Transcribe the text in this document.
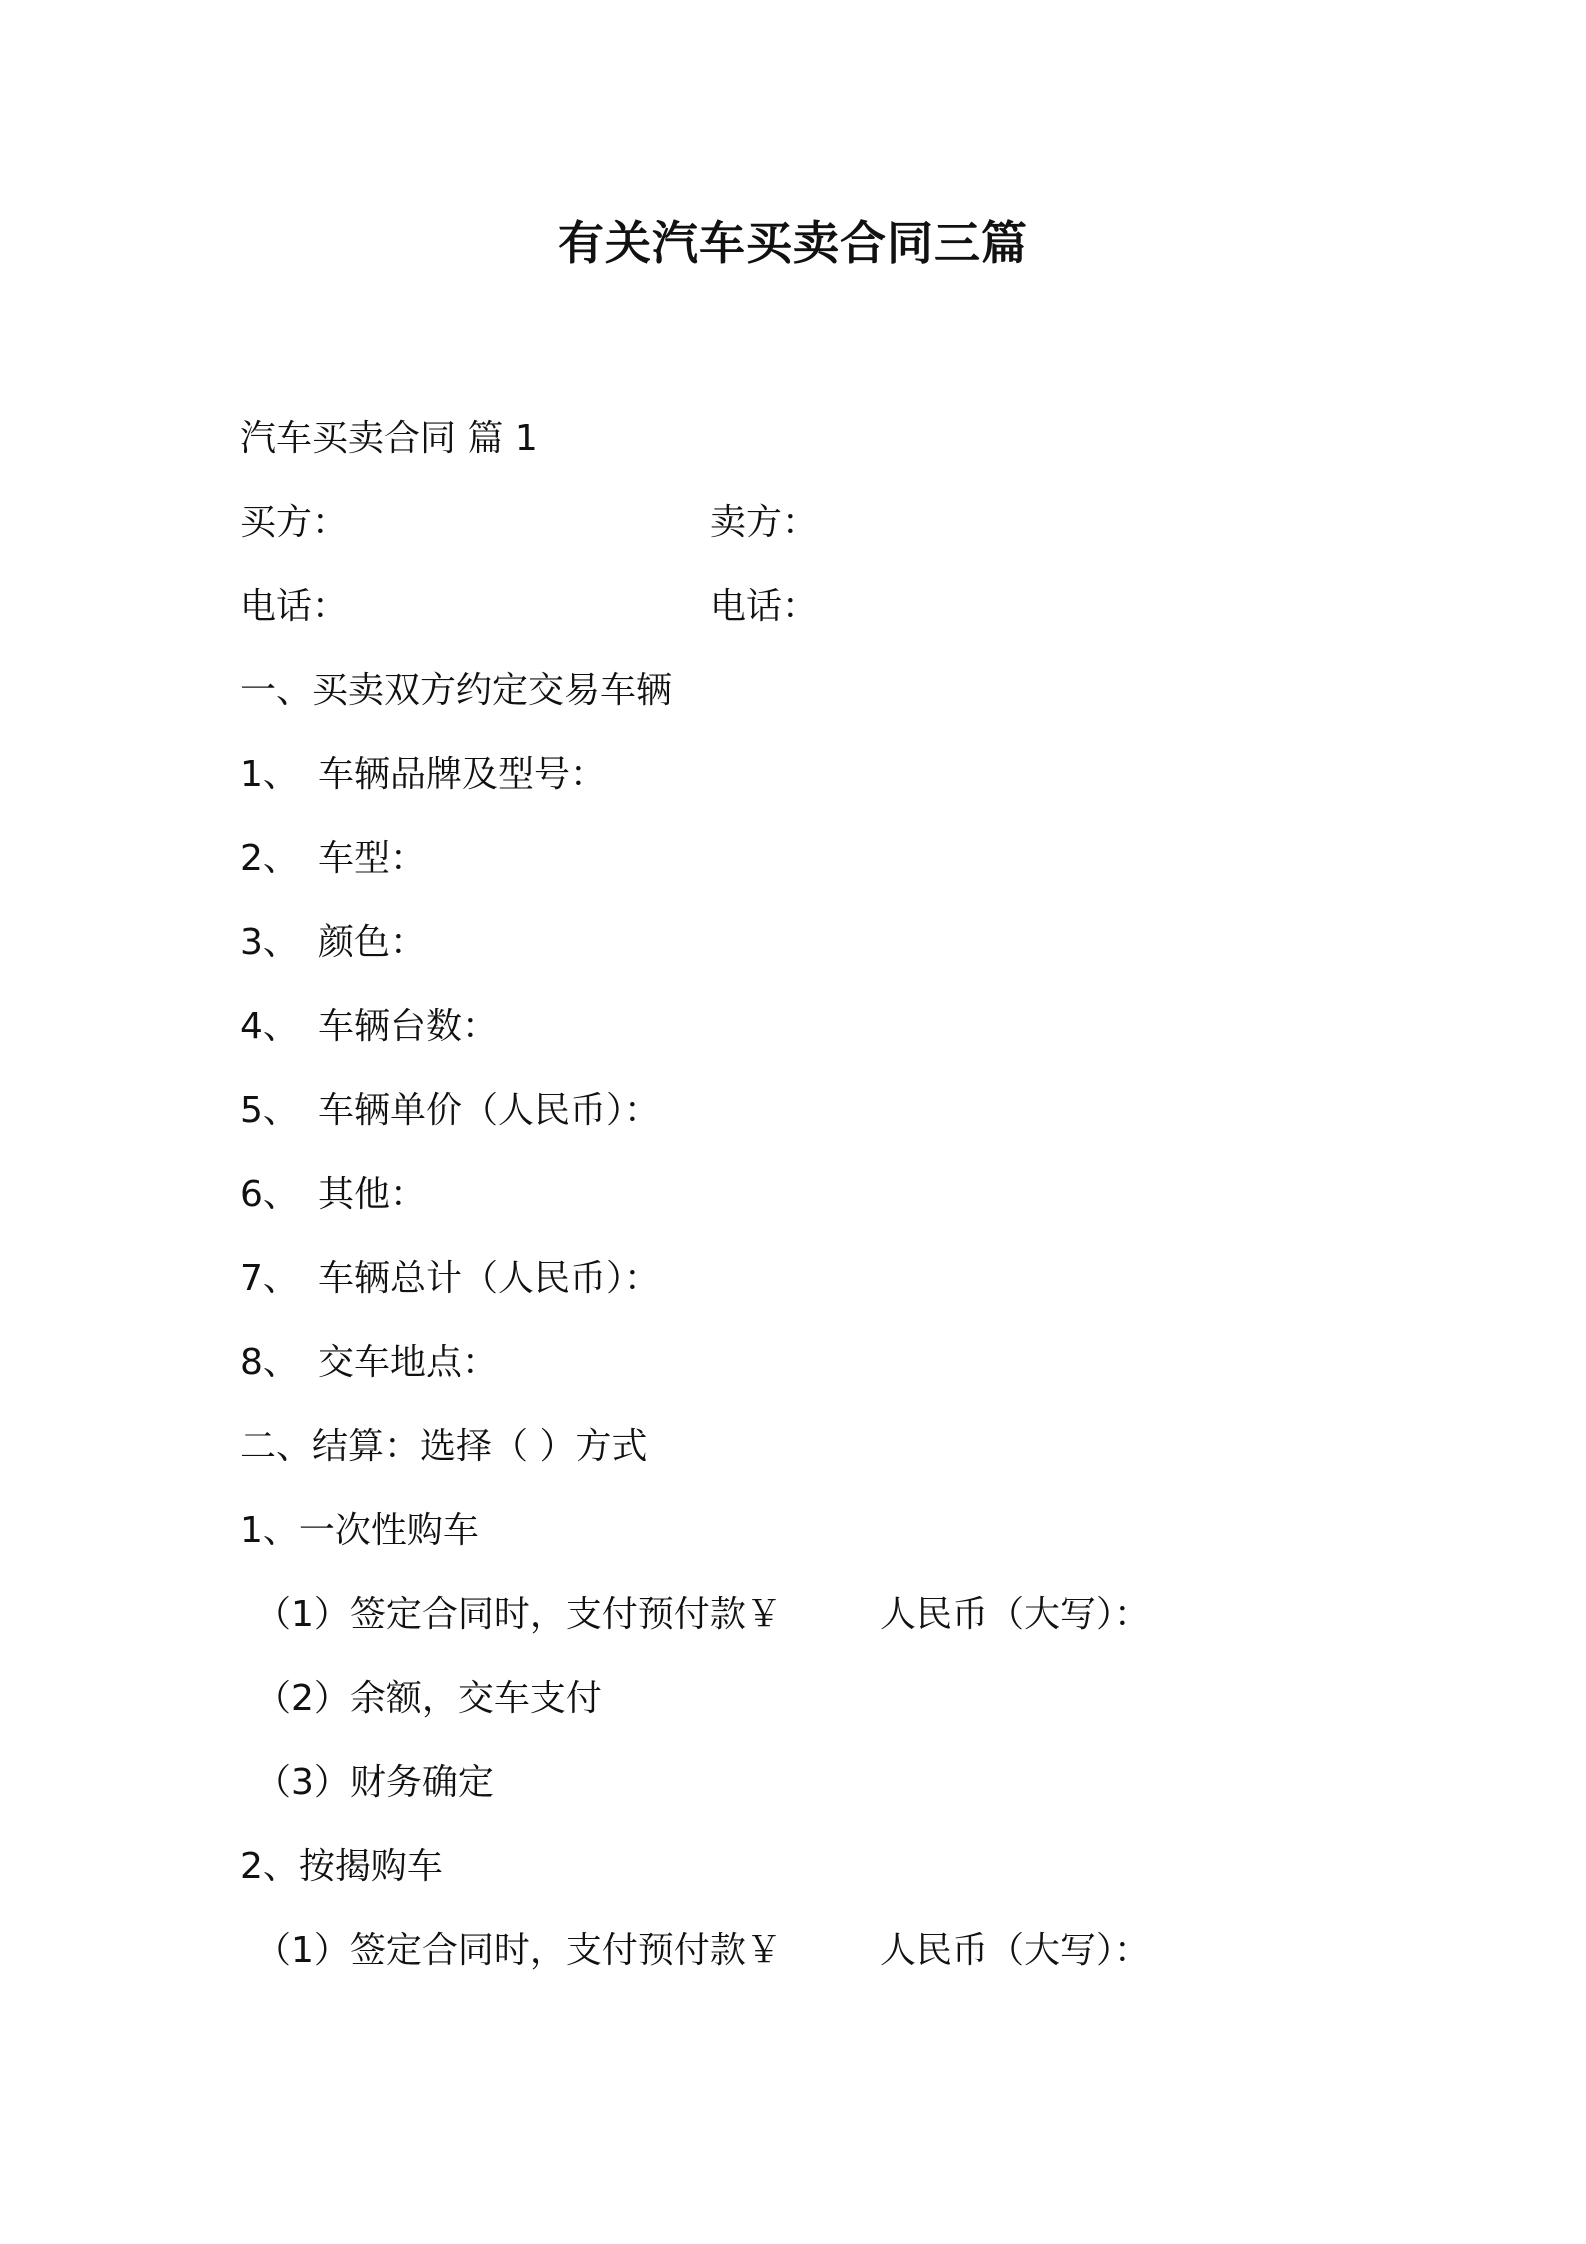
有关汽车买卖合同三篇
汽车买卖合同 篇 1
买方：	卖方：
电话：	电话：
一、买卖双方约定交易车辆
1、 车辆品牌及型号：
2、 车型：
3、 颜色：
4、 车辆台数：
5、 车辆单价（人民币）：
6、 其他：
7、 车辆总计（人民币）：
8、 交车地点：
二、结算：选择（ ）方式
1、一次性购车
（1）签定合同时，支付预付款￥	人民币（大写）：
（2）余额，交车支付
（3）财务确定
2、按揭购车
（1）签定合同时，支付预付款￥	人民币（大写）：
